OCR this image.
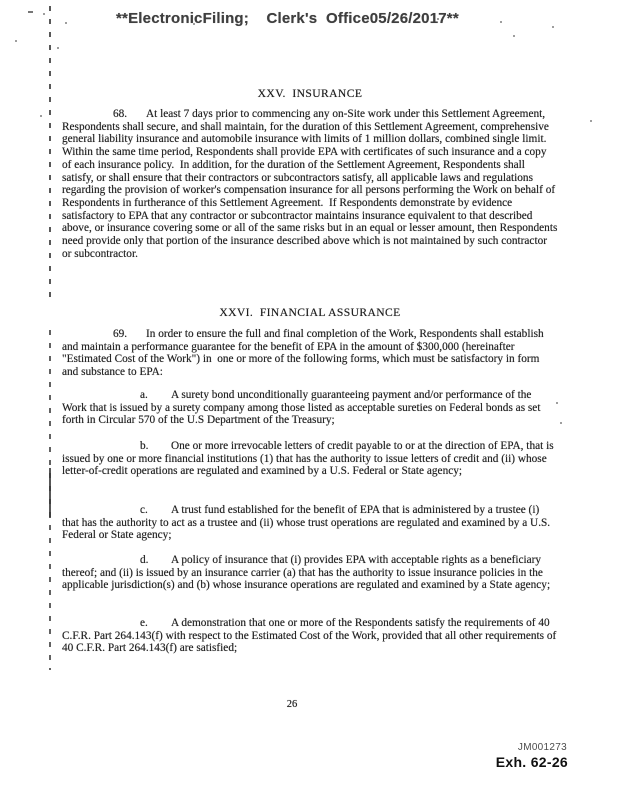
**ElectronicFiling;    Clerk's  Office05/26/2017**
XXV.  INSURANCE

68. At least 7 days prior to commencing any on-Site work under this Settlement Agreement, Respondents shall secure, and shall maintain, for the duration of this Settlement Agreement, comprehensive general liability insurance and automobile insurance with limits of 1 million dollars, combined single limit.  Within the same time period, Respondents shall provide EPA with certificates of such insurance and a copy of each insurance policy.  In addition, for the duration of the Settlement Agreement, Respondents shall satisfy, or shall ensure that their contractors or subcontractors satisfy, all applicable laws and regulations regarding the provision of worker's compensation insurance for all persons performing the Work on behalf of Respondents in furtherance of this Settlement Agreement.  If Respondents demonstrate by evidence satisfactory to EPA that any contractor or subcontractor maintains insurance equivalent to that described above, or insurance covering some or all of the same risks but in an equal or lesser amount, then Respondents need provide only that portion of the insurance described above which is not maintained by such contractor or subcontractor.

XXVI.  FINANCIAL ASSURANCE

69. In order to ensure the full and final completion of the Work, Respondents shall establish and maintain a performance guarantee for the benefit of EPA in the amount of $300,000 (hereinafter "Estimated Cost of the Work") in  one or more of the following forms, which must be satisfactory in form and substance to EPA:

a. A surety bond unconditionally guaranteeing payment and/or performance of the Work that is issued by a surety company among those listed as acceptable sureties on Federal bonds as set forth in Circular 570 of the U.S Department of the Treasury;

b. One or more irrevocable letters of credit payable to or at the direction of EPA, that is issued by one or more financial institutions (1) that has the authority to issue letters of credit and (ii) whose letter-of-credit operations are regulated and examined by a U.S. Federal or State agency;

c. A trust fund established for the benefit of EPA that is administered by a trustee (i) that has the authority to act as a trustee and (ii) whose trust operations are regulated and examined by a U.S. Federal or State agency;

d. A policy of insurance that (i) provides EPA with acceptable rights as a beneficiary thereof; and (ii) is issued by an insurance carrier (a) that has the authority to issue insurance policies in the applicable jurisdiction(s) and (b) whose insurance operations are regulated and examined by a State agency;

e. A demonstration that one or more of the Respondents satisfy the requirements of 40 C.F.R. Part 264.143(f) with respect to the Estimated Cost of the Work, provided that all other requirements of 40 C.F.R. Part 264.143(f) are satisfied;

26
JM001273
Exh. 62-26
